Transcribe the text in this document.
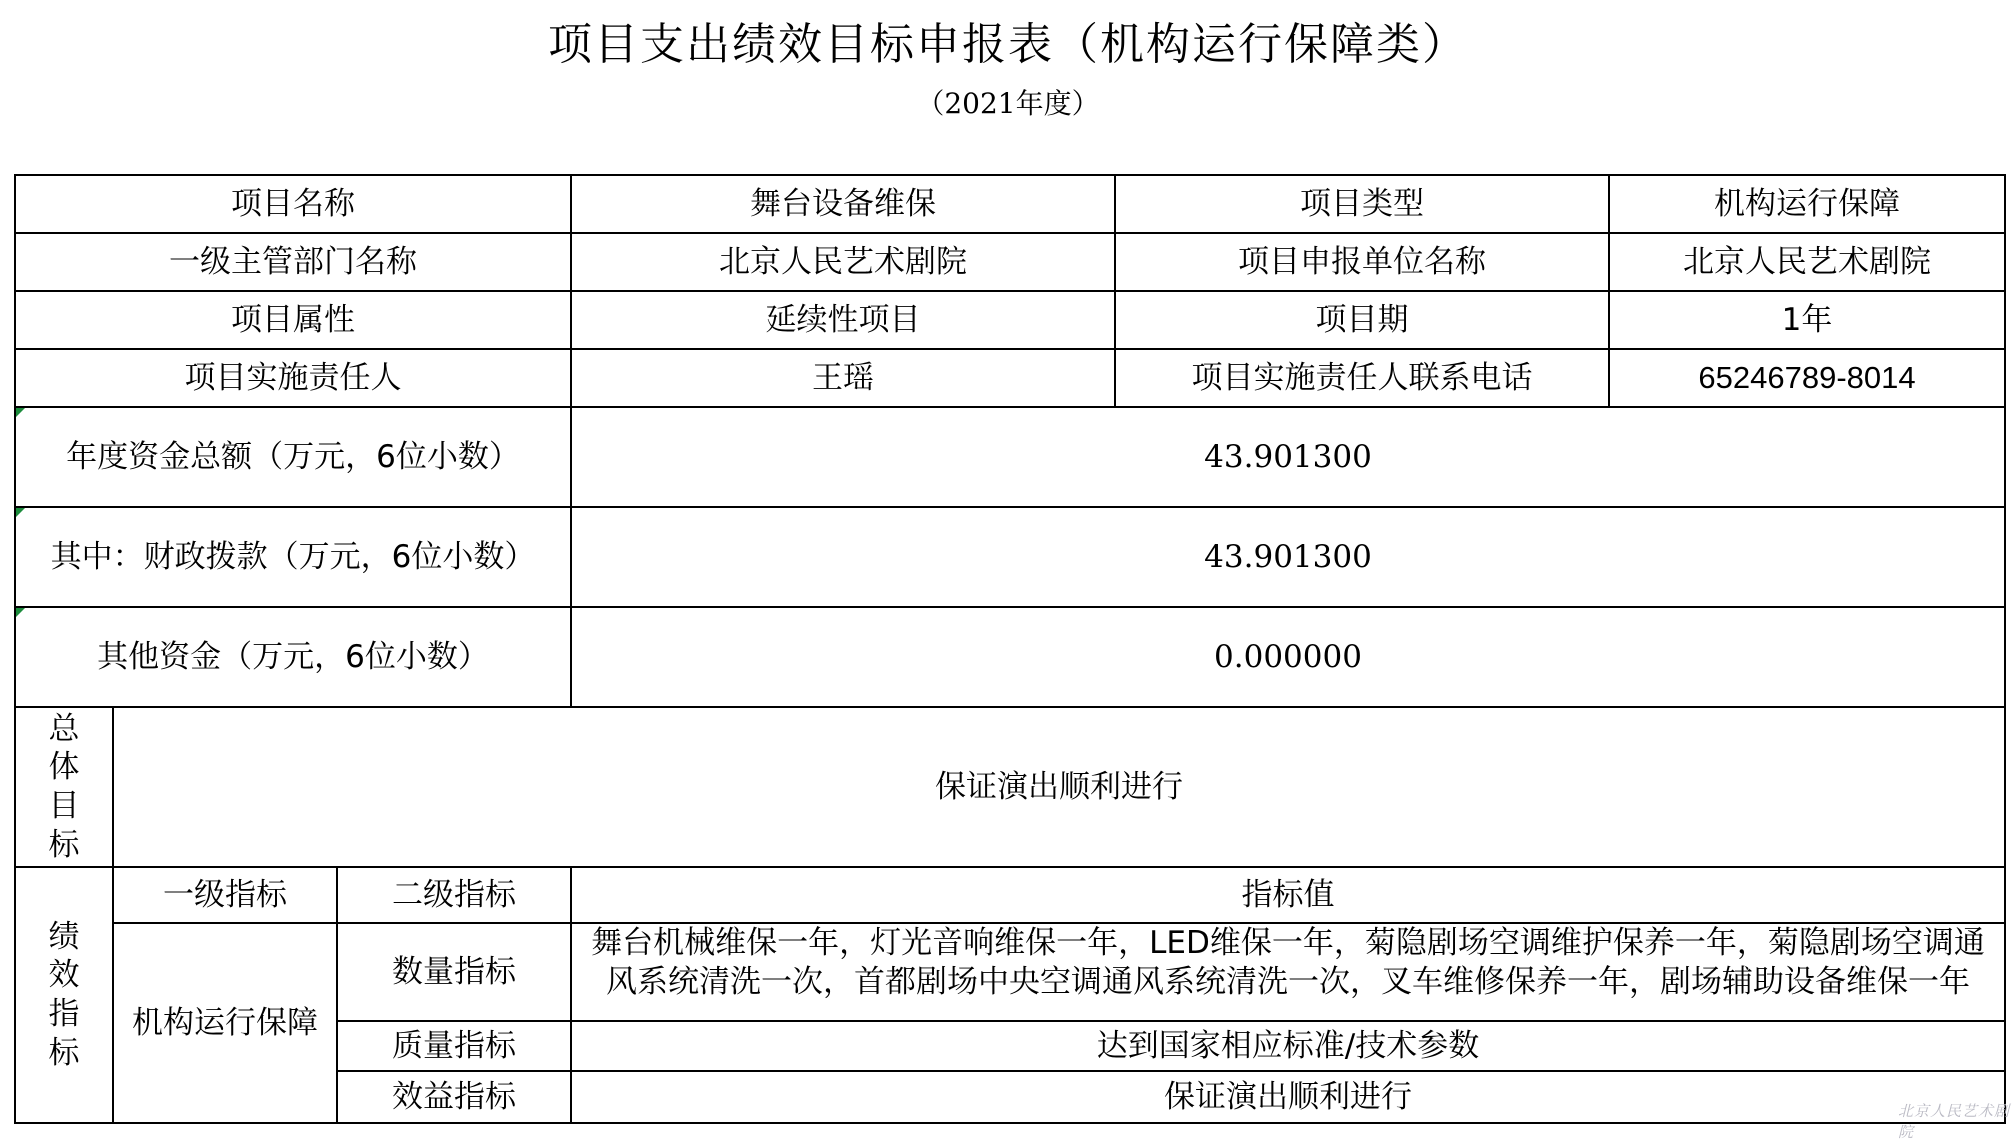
项目支出绩效目标申报表（机构运行保障类）
（2021年度）
项目名称			舞台设备维保	项目类型	机构运行保障
一级主管部门名称			北京人民艺术剧院	项目申报单位名称	北京人民艺术剧院
项目属性			延续性项目	项目期	1年
项目实施责任人			王瑶	项目实施责任人联系电话	65246789-8014

年度资金总额（万元，6位小数）			43.901300		

其中：财政拨款（万元，6位小数）			43.901300		

其他资金（万元，6位小数）			0.000000		

总体目标	保证演出顺利进行				

绩效指标	一级指标	二级指标	指标值		
	机构运行保障	数量指标	舞台机械维保一年，灯光音响维保一年，LED维保一年，菊隐剧场空调维护保养一年，菊隐剧场空调通风系统清洗一次，首都剧场中央空调通风系统清洗一次，叉车维修保养一年，剧场辅助设备维保一年		

		质量指标	达到国家相应标准/技术参数		
		效益指标	保证演出顺利进行			北京人民艺术剧院
